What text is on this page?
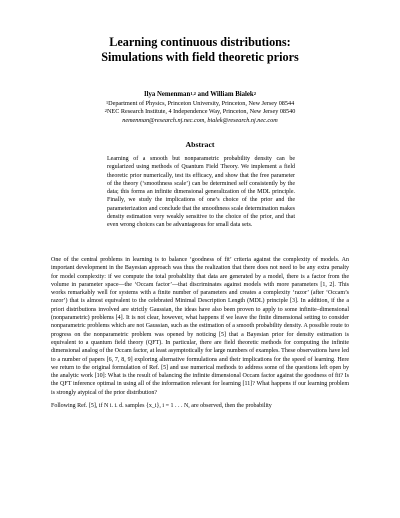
Learning continuous distributions:
Simulations with field theoretic priors
Ilya Nemenman$^{1,2}$ and William Bialek$^2$
$^1$Department of Physics, Princeton University, Princeton, New Jersey 08544
$^2$NEC Research Institute, 4 Independence Way, Princeton, New Jersey 08540
nemenman@research.nj.nec.com, bialek@research.nj.nec.com
Abstract

Learning of a smooth but nonparametric probability density can be regularized using methods of Quantum Field Theory. We implement a field theoretic prior numerically, test its efficacy, and show that the free parameter of the theory (‘smoothness scale’) can be determined self consistently by the data; this forms an infinite dimensional generalization of the MDL principle. Finally, we study the implications of one’s choice of the prior and the parameterization and conclude that the smoothness scale determination makes density estimation very weakly sensitive to the choice of the prior, and that even wrong choices can be advantageous for small data sets.

One of the central problems in learning is to balance ‘goodness of fit’ criteria against the complexity of models. An important development in the Bayesian approach was thus the realization that there does not need to be any extra penalty for model complexity: if we compute the total probability that data are generated by a model, there is a factor from the volume in parameter space—the ‘Occam factor’—that discriminates against models with more parameters [1, 2]. This works remarkably well for systems with a finite number of parameters and creates a complexity ‘razor’ (after ‘Occam’s razor’) that is almost equivalent to the celebrated Minimal Description Length (MDL) principle [3]. In addition, if the a priori distributions involved are strictly Gaussian, the ideas have also been proven to apply to some infinite–dimensional (nonparametric) problems [4]. It is not clear, however, what happens if we leave the finite dimensional setting to consider nonparametric problems which are not Gaussian, such as the estimation of a smooth probability density. A possible route to progress on the nonparametric problem was opened by noticing [5] that a Bayesian prior for density estimation is equivalent to a quantum field theory (QFT). In particular, there are field theoretic methods for computing the infinite dimensional analog of the Occam factor, at least asymptotically for large numbers of examples. These observations have led to a number of papers [6, 7, 8, 9] exploring alternative formulations and their implications for the speed of learning. Here we return to the original formulation of Ref. [5] and use numerical methods to address some of the questions left open by the analytic work [10]: What is the result of balancing the infinite dimensional Occam factor against the goodness of fit? Is the QFT inference optimal in using all of the information relevant for learning [11]? What happens if our learning problem is strongly atypical of the prior distribution?

Following Ref. [5], if N i. i. d. samples {x_i}, i = 1 . . . N, are observed, then the probability
